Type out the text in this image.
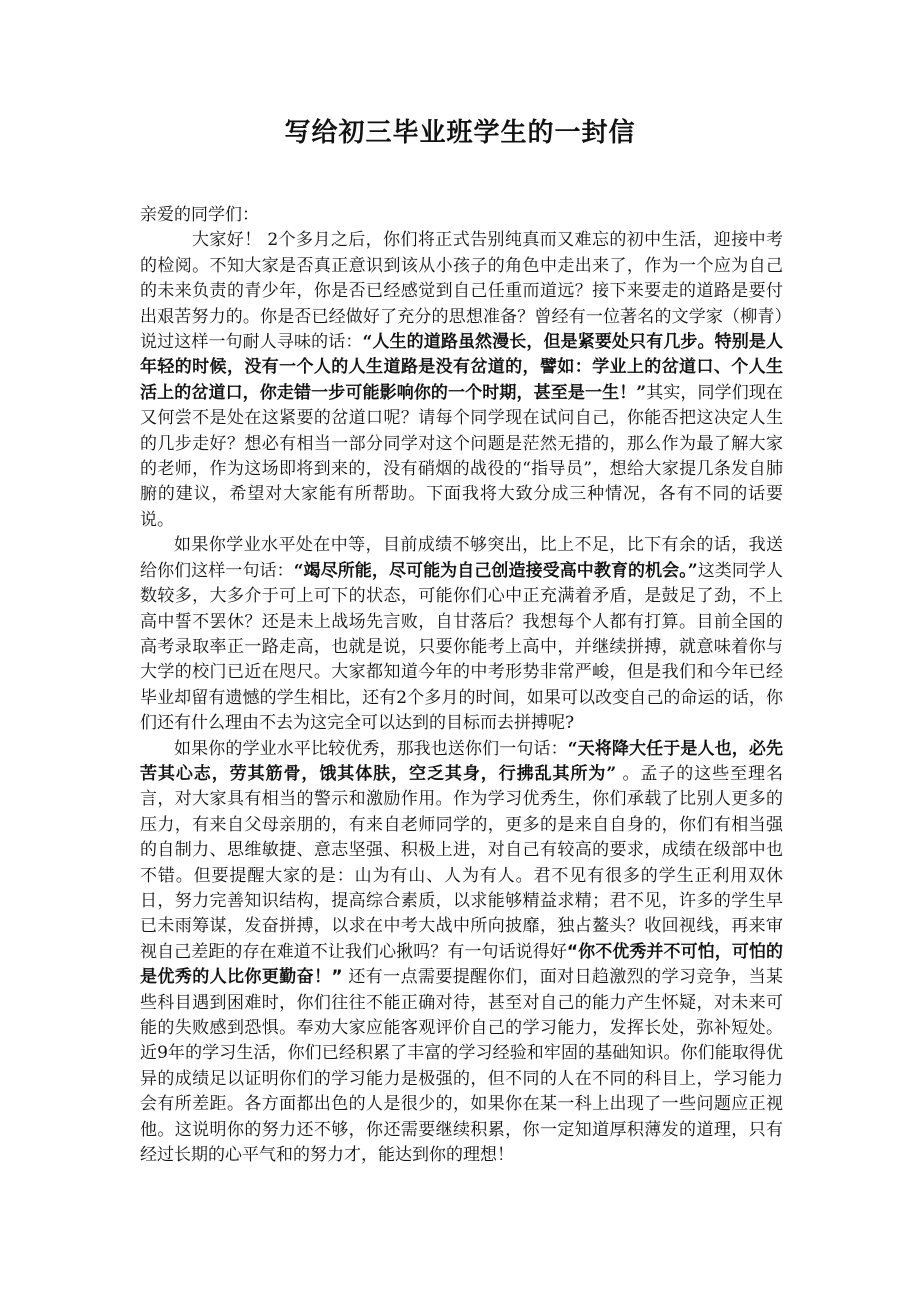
写给初三毕业班学生的一封信

亲爱的同学们：

大家好！ 2个多月之后，你们将正式告别纯真而又难忘的初中生活，迎接中考的检阅。不知大家是否真正意识到该从小孩子的角色中走出来了，作为一个应为自己的未来负责的青少年，你是否已经感觉到自己任重而道远？接下来要走的道路是要付出艰苦努力的。你是否已经做好了充分的思想准备？曾经有一位著名的文学家（柳青）说过这样一句耐人寻味的话：“人生的道路虽然漫长，但是紧要处只有几步。特别是人年轻的时候，没有一个人的人生道路是没有岔道的，譬如：学业上的岔道口、个人生活上的岔道口，你走错一步可能影响你的一个时期，甚至是一生！”其实，同学们现在又何尝不是处在这紧要的岔道口呢？请每个同学现在试问自己，你能否把这决定人生的几步走好？想必有相当一部分同学对这个问题是茫然无措的，那么作为最了解大家的老师，作为这场即将到来的，没有硝烟的战役的“指导员”，想给大家提几条发自肺腑的建议，希望对大家能有所帮助。下面我将大致分成三种情况，各有不同的话要说。

如果你学业水平处在中等，目前成绩不够突出，比上不足，比下有余的话，我送给你们这样一句话：“竭尽所能，尽可能为自己创造接受高中教育的机会。”这类同学人数较多，大多介于可上可下的状态，可能你们心中正充满着矛盾，是鼓足了劲，不上高中誓不罢休？还是未上战场先言败，自甘落后？我想每个人都有打算。目前全国的高考录取率正一路走高，也就是说，只要你能考上高中，并继续拼搏，就意味着你与大学的校门已近在咫尺。大家都知道今年的中考形势非常严峻，但是我们和今年已经毕业却留有遗憾的学生相比，还有2个多月的时间，如果可以改变自己的命运的话，你们还有什么理由不去为这完全可以达到的目标而去拼搏呢?

如果你的学业水平比较优秀，那我也送你们一句话：“天将降大任于是人也，必先苦其心志，劳其筋骨，饿其体肤，空乏其身，行拂乱其所为” 。孟子的这些至理名言，对大家具有相当的警示和激励作用。作为学习优秀生，你们承载了比别人更多的压力，有来自父母亲朋的，有来自老师同学的，更多的是来自自身的，你们有相当强的自制力、思维敏捷、意志坚强、积极上进，对自己有较高的要求，成绩在级部中也不错。但要提醒大家的是：山为有山、人为有人。君不见有很多的学生正利用双休日，努力完善知识结构，提高综合素质，以求能够精益求精；君不见，许多的学生早已未雨筹谋，发奋拼搏，以求在中考大战中所向披靡，独占鳌头？收回视线，再来审视自己差距的存在难道不让我们心揪吗？有一句话说得好“你不优秀并不可怕，可怕的是优秀的人比你更勤奋！” 还有一点需要提醒你们，面对日趋激烈的学习竞争，当某些科目遇到困难时，你们往往不能正确对待，甚至对自己的能力产生怀疑，对未来可能的失败感到恐惧。奉劝大家应能客观评价自己的学习能力，发挥长处，弥补短处。近9年的学习生活，你们已经积累了丰富的学习经验和牢固的基础知识。你们能取得优异的成绩足以证明你们的学习能力是极强的，但不同的人在不同的科目上，学习能力会有所差距。各方面都出色的人是很少的，如果你在某一科上出现了一些问题应正视他。这说明你的努力还不够，你还需要继续积累，你一定知道厚积薄发的道理，只有经过长期的心平气和的努力才，能达到你的理想！
